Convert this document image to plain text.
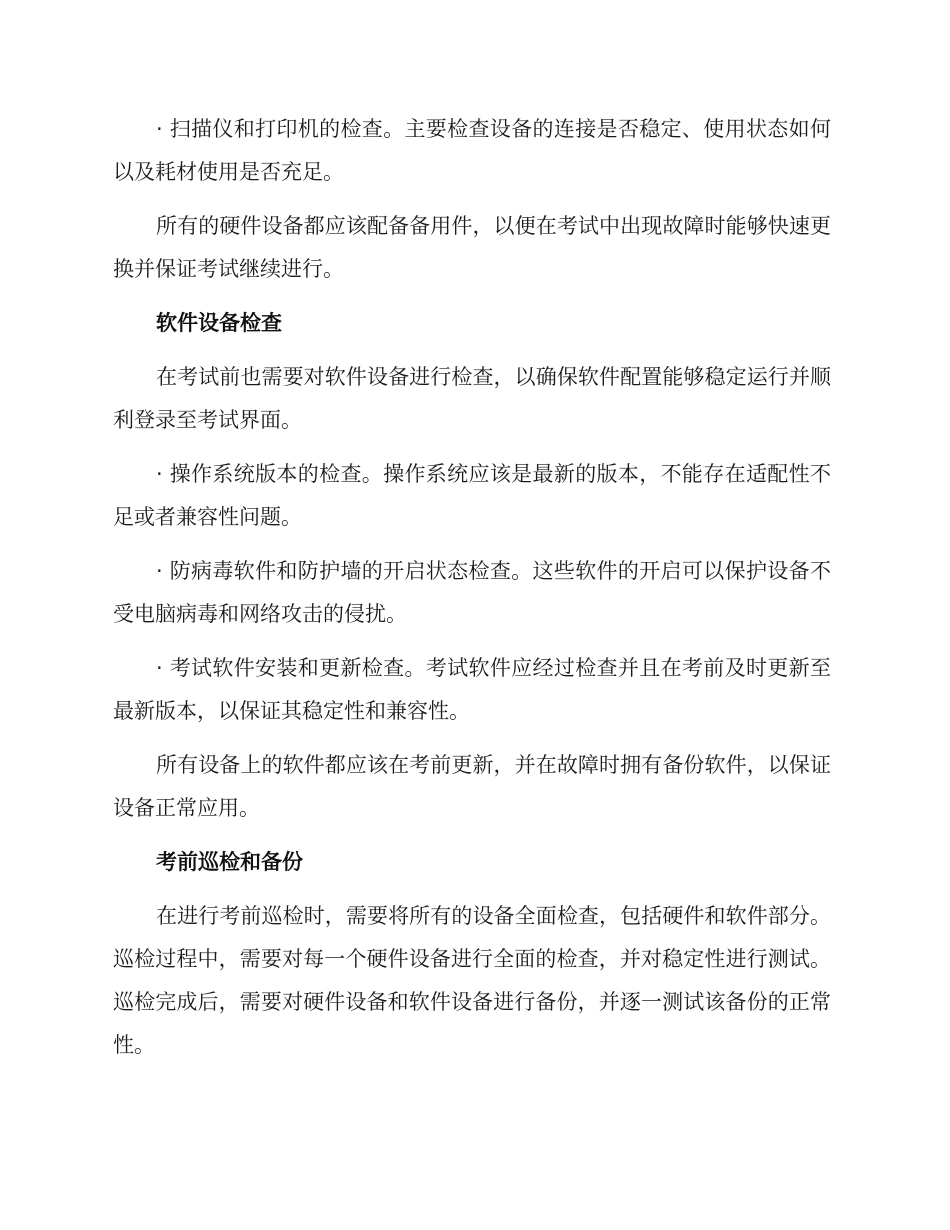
· 扫描仪和打印机的检查。主要检查设备的连接是否稳定、使用状态如何以及耗材使用是否充足。

所有的硬件设备都应该配备备用件，以便在考试中出现故障时能够快速更换并保证考试继续进行。

软件设备检查

在考试前也需要对软件设备进行检查，以确保软件配置能够稳定运行并顺利登录至考试界面。

· 操作系统版本的检查。操作系统应该是最新的版本，不能存在适配性不足或者兼容性问题。

· 防病毒软件和防护墙的开启状态检查。这些软件的开启可以保护设备不受电脑病毒和网络攻击的侵扰。

· 考试软件安装和更新检查。考试软件应经过检查并且在考前及时更新至最新版本，以保证其稳定性和兼容性。

所有设备上的软件都应该在考前更新，并在故障时拥有备份软件，以保证设备正常应用。

考前巡检和备份

在进行考前巡检时，需要将所有的设备全面检查，包括硬件和软件部分。巡检过程中，需要对每一个硬件设备进行全面的检查，并对稳定性进行测试。巡检完成后，需要对硬件设备和软件设备进行备份，并逐一测试该备份的正常性。
